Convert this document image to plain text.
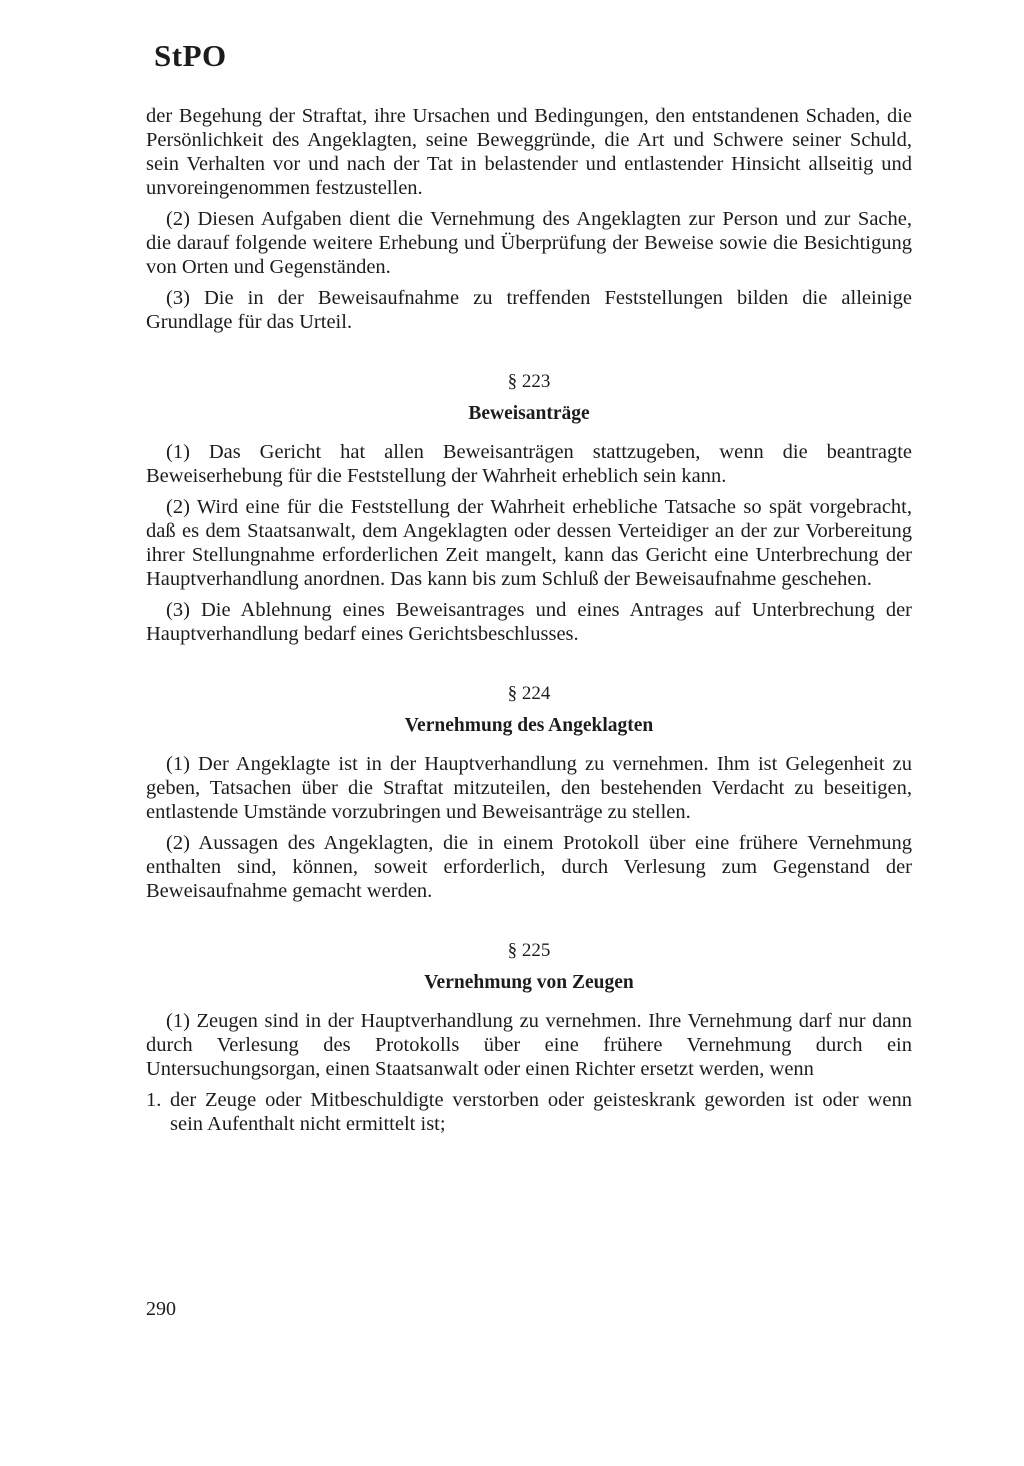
StPO

der Begehung der Straftat, ihre Ursachen und Bedingungen, den entstandenen Schaden, die Persönlichkeit des Angeklagten, seine Beweggründe, die Art und Schwere seiner Schuld, sein Verhalten vor und nach der Tat in belastender und entlastender Hinsicht allseitig und unvoreingenommen festzustellen.

(2) Diesen Aufgaben dient die Vernehmung des Angeklagten zur Person und zur Sache, die darauf folgende weitere Erhebung und Überprüfung der Beweise sowie die Besichtigung von Orten und Gegenständen.

(3) Die in der Beweisaufnahme zu treffenden Feststellungen bilden die alleinige Grundlage für das Urteil.

§ 223
Beweisanträge

(1) Das Gericht hat allen Beweisanträgen stattzugeben, wenn die beantragte Beweiserhebung für die Feststellung der Wahrheit erheblich sein kann.

(2) Wird eine für die Feststellung der Wahrheit erhebliche Tatsache so spät vorgebracht, daß es dem Staatsanwalt, dem Angeklagten oder dessen Verteidiger an der zur Vorbereitung ihrer Stellungnahme erforderlichen Zeit mangelt, kann das Gericht eine Unterbrechung der Hauptverhandlung anordnen. Das kann bis zum Schluß der Beweisaufnahme geschehen.

(3) Die Ablehnung eines Beweisantrages und eines Antrages auf Unterbrechung der Hauptverhandlung bedarf eines Gerichtsbeschlusses.

§ 224
Vernehmung des Angeklagten

(1) Der Angeklagte ist in der Hauptverhandlung zu vernehmen. Ihm ist Gelegenheit zu geben, Tatsachen über die Straftat mitzuteilen, den bestehenden Verdacht zu beseitigen, entlastende Umstände vorzubringen und Beweisanträge zu stellen.

(2) Aussagen des Angeklagten, die in einem Protokoll über eine frühere Vernehmung enthalten sind, können, soweit erforderlich, durch Verlesung zum Gegenstand der Beweisaufnahme gemacht werden.

§ 225
Vernehmung von Zeugen

(1) Zeugen sind in der Hauptverhandlung zu vernehmen. Ihre Vernehmung darf nur dann durch Verlesung des Protokolls über eine frühere Vernehmung durch ein Untersuchungsorgan, einen Staatsanwalt oder einen Richter ersetzt werden, wenn

1. der Zeuge oder Mitbeschuldigte verstorben oder geisteskrank geworden ist oder wenn sein Aufenthalt nicht ermittelt ist;
290
